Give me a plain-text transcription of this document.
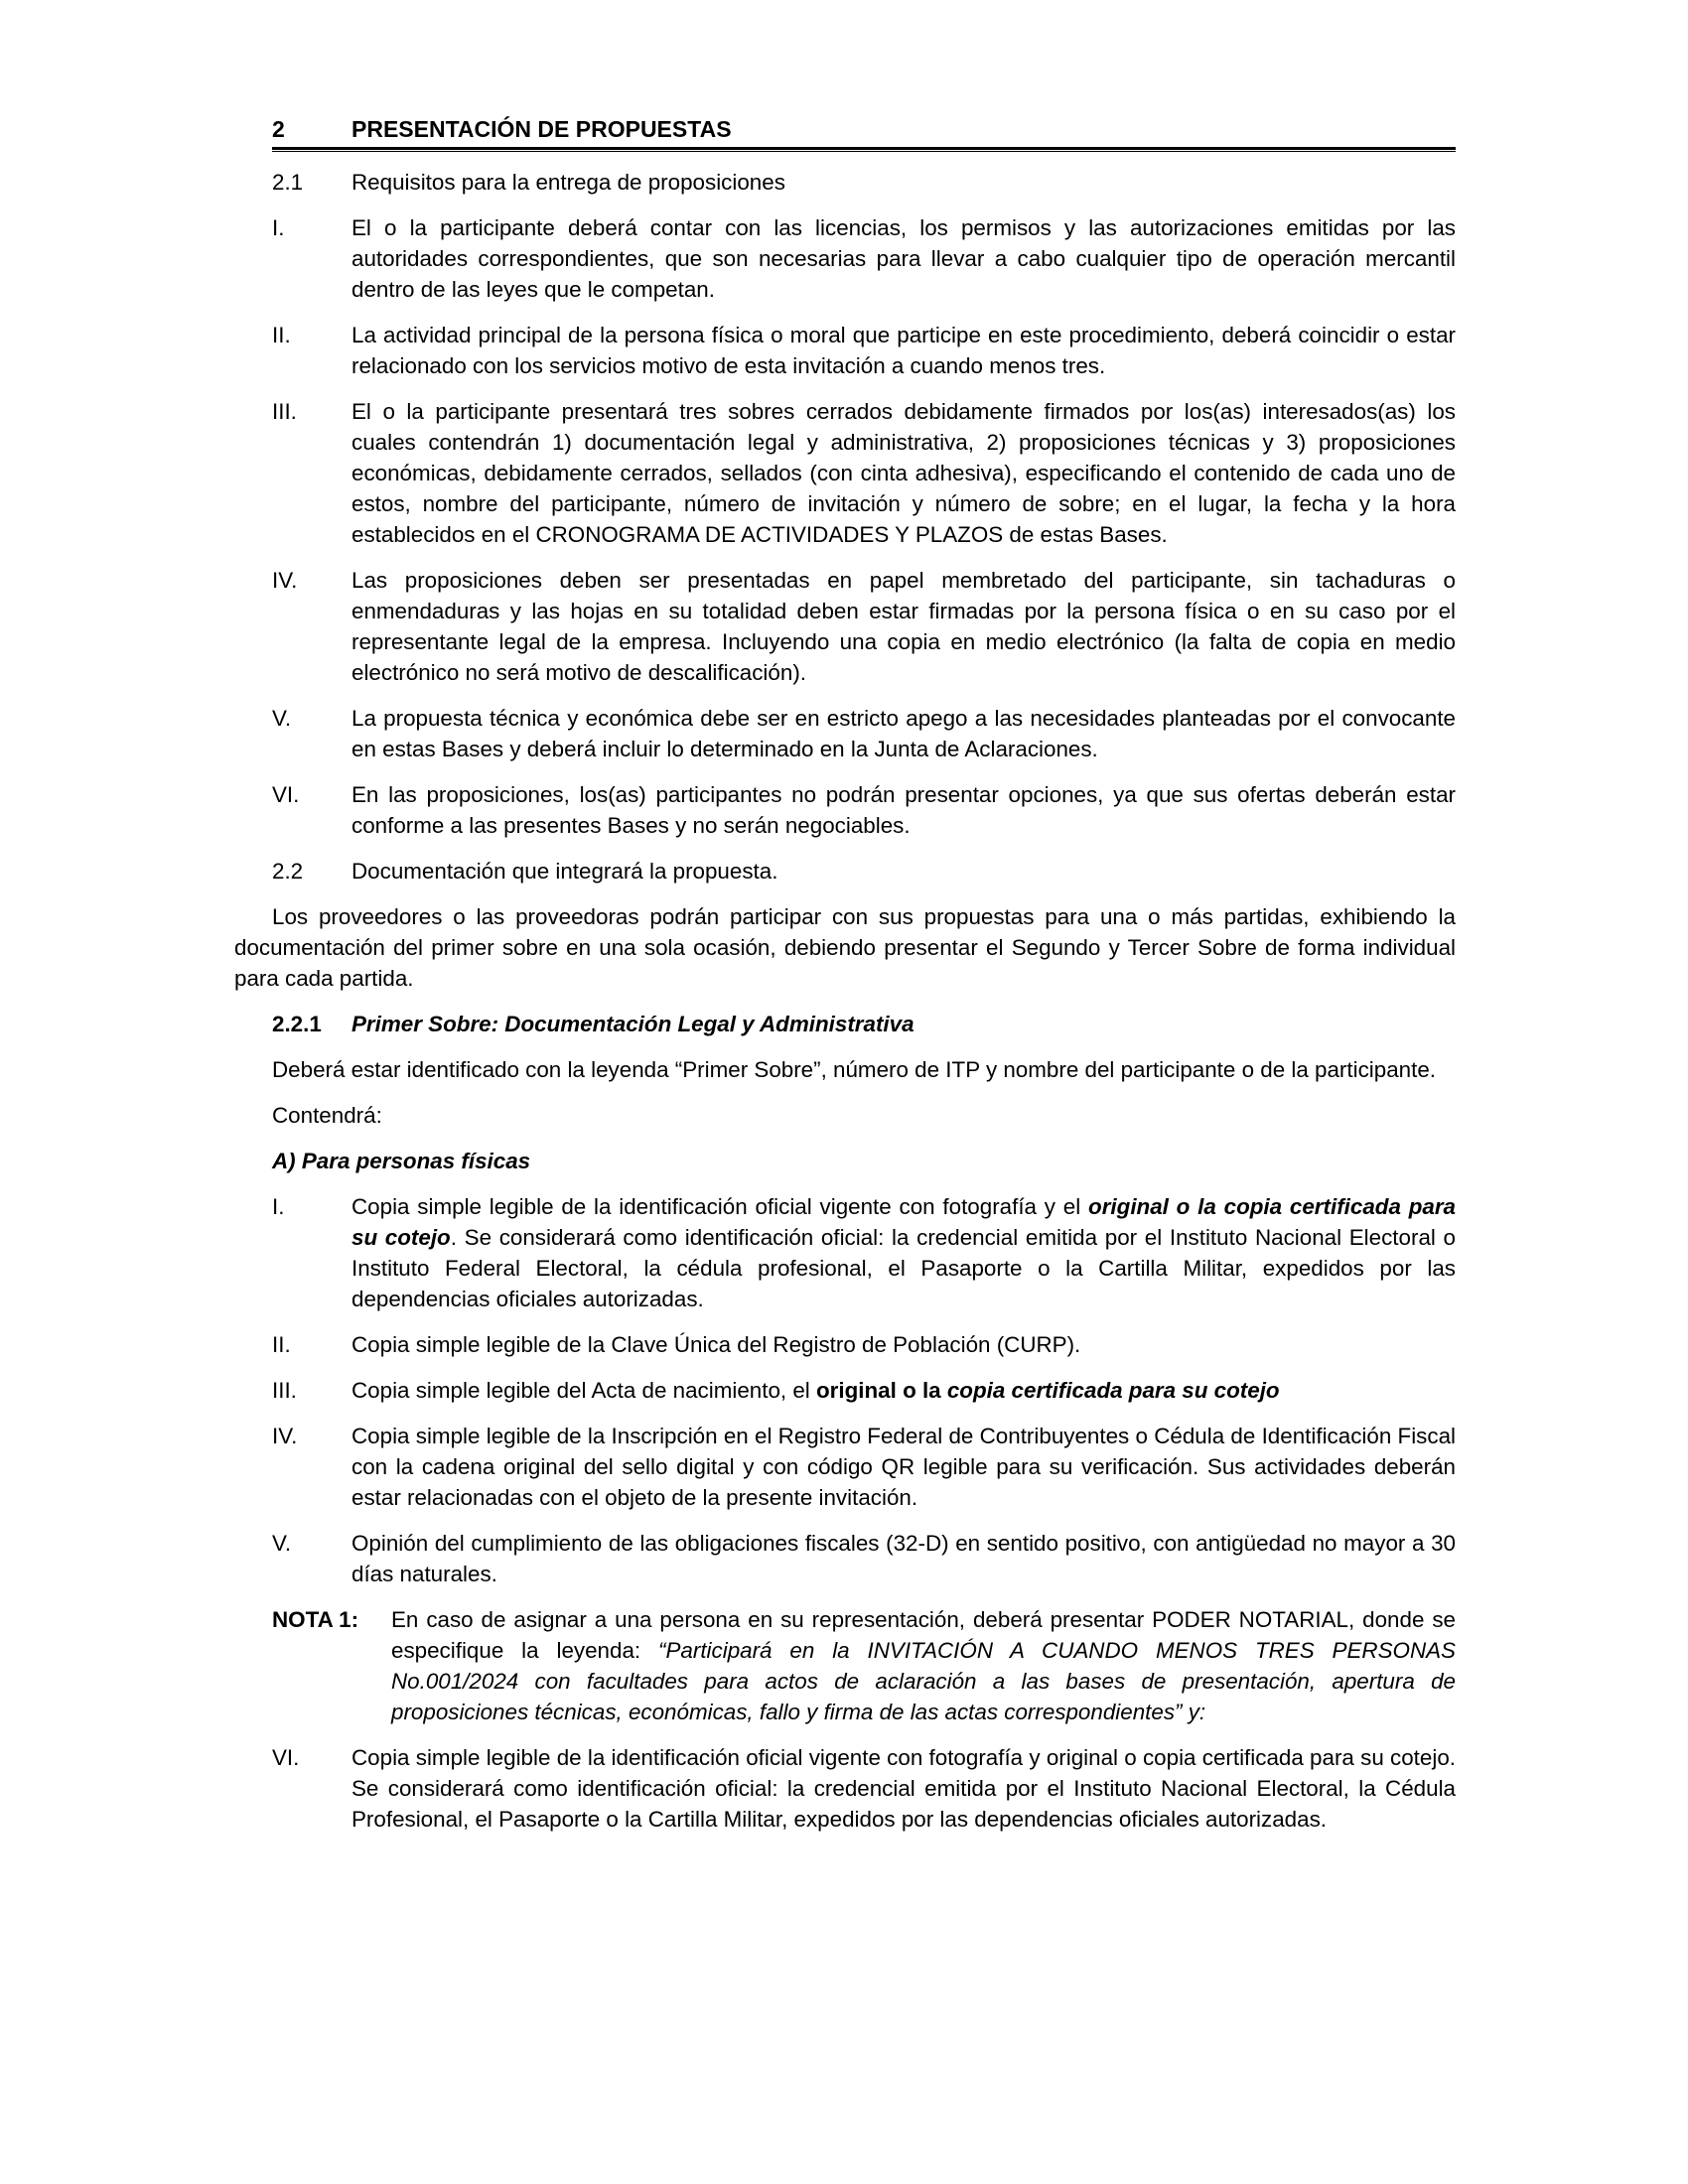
2	PRESENTACIÓN DE PROPUESTAS
2.1	Requisitos para la entrega de proposiciones
I.	El o la participante deberá contar con las licencias, los permisos y las autorizaciones emitidas por las autoridades correspondientes, que son necesarias para llevar a cabo cualquier tipo de operación mercantil dentro de las leyes que le competan.
II.	La actividad principal de la persona física o moral que participe en este procedimiento, deberá coincidir o estar relacionado con los servicios motivo de esta invitación a cuando menos tres.
III.	El o la participante presentará tres sobres cerrados debidamente firmados por los(as) interesados(as) los cuales contendrán 1) documentación legal y administrativa, 2) proposiciones técnicas y 3) proposiciones económicas, debidamente cerrados, sellados (con cinta adhesiva), especificando el contenido de cada uno de estos, nombre del participante, número de invitación y número de sobre; en el lugar, la fecha y la hora establecidos en el CRONOGRAMA DE ACTIVIDADES Y PLAZOS de estas Bases.
IV.	Las proposiciones deben ser presentadas en papel membretado del participante, sin tachaduras o enmendaduras y las hojas en su totalidad deben estar firmadas por la persona física o en su caso por el representante legal de la empresa. Incluyendo una copia en medio electrónico (la falta de copia en medio electrónico no será motivo de descalificación).
V.	La propuesta técnica y económica debe ser en estricto apego a las necesidades planteadas por el convocante en estas Bases y deberá incluir lo determinado en la Junta de Aclaraciones.
VI.	En las proposiciones, los(as) participantes no podrán presentar opciones, ya que sus ofertas deberán estar conforme a las presentes Bases y no serán negociables.
2.2	Documentación que integrará la propuesta.
Los proveedores o las proveedoras podrán participar con sus propuestas para una o más partidas, exhibiendo la documentación del primer sobre en una sola ocasión, debiendo presentar el Segundo y Tercer Sobre de forma individual para cada partida.
2.2.1	Primer Sobre: Documentación Legal y Administrativa
Deberá estar identificado con la leyenda “Primer Sobre”, número de ITP y nombre del participante o de la participante.
Contendrá:
A) Para personas físicas
I.	Copia simple legible de la identificación oficial vigente con fotografía y el original o la copia certificada para su cotejo. Se considerará como identificación oficial: la credencial emitida por el Instituto Nacional Electoral o Instituto Federal Electoral, la cédula profesional, el Pasaporte o la Cartilla Militar, expedidos por las dependencias oficiales autorizadas.
II.	Copia simple legible de la Clave Única del Registro de Población (CURP).
III.	Copia simple legible del Acta de nacimiento, el original o la copia certificada para su cotejo
IV.	Copia simple legible de la Inscripción en el Registro Federal de Contribuyentes o Cédula de Identificación Fiscal con la cadena original del sello digital y con código QR legible para su verificación. Sus actividades deberán estar relacionadas con el objeto de la presente invitación.
V.	Opinión del cumplimiento de las obligaciones fiscales (32-D) en sentido positivo, con antigüedad no mayor a 30 días naturales.
NOTA 1:	En caso de asignar a una persona en su representación, deberá presentar PODER NOTARIAL, donde se especifique la leyenda: “Participará en la INVITACIÓN A CUANDO MENOS TRES PERSONAS No.001/2024 con facultades para actos de aclaración a las bases de presentación, apertura de proposiciones técnicas, económicas, fallo y firma de las actas correspondientes” y:
VI.	Copia simple legible de la identificación oficial vigente con fotografía y original o copia certificada para su cotejo. Se considerará como identificación oficial: la credencial emitida por el Instituto Nacional Electoral, la Cédula Profesional, el Pasaporte o la Cartilla Militar, expedidos por las dependencias oficiales autorizadas.
